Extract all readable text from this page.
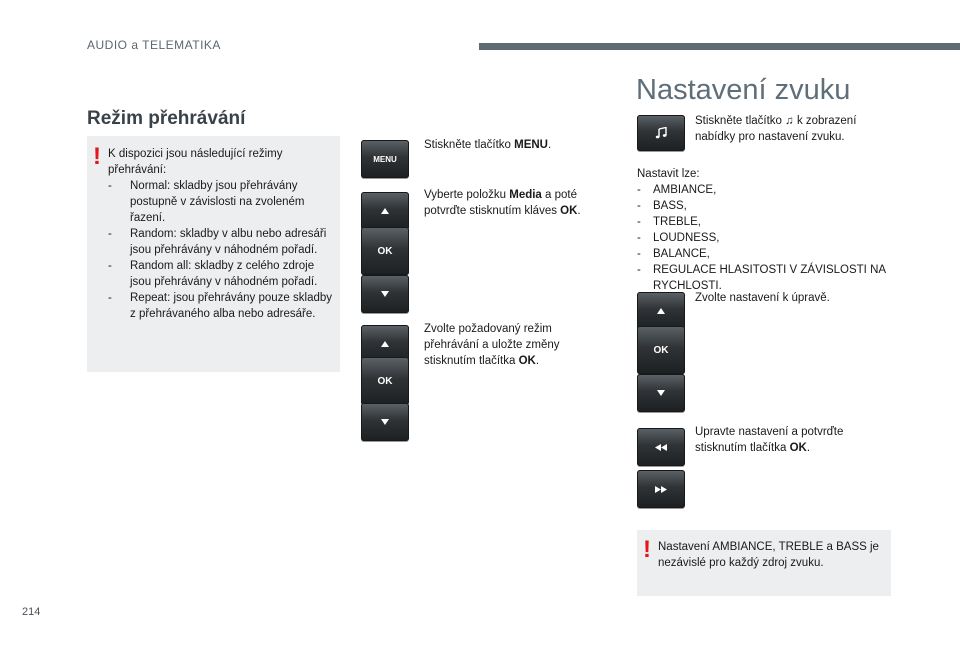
AUDIO a TELEMATIKA
Režim přehrávání
! K dispozici jsou následující režimy přehrávání:
- Normal: skladby jsou přehrávány postupně v závislosti na zvoleném řazení.
- Random: skladby v albu nebo adresáři jsou přehrávány v náhodném pořadí.
- Random all: skladby z celého zdroje jsou přehrávány v náhodném pořadí.
- Repeat: jsou přehrávány pouze skladby z přehrávaného alba nebo adresáře.
MENU
Stiskněte tlačítko MENU.
OK
Vyberte položku Media a poté potvrďte stisknutím kláves OK.
OK
Zvolte požadovaný režim přehrávání a uložte změny stisknutím tlačítka OK.
Nastavení zvuku
Stiskněte tlačítko ♫ k zobrazení nabídky pro nastavení zvuku.
Nastavit lze:
- AMBIANCE,
- BASS,
- TREBLE,
- LOUDNESS,
- BALANCE,
- REGULACE HLASITOSTI V ZÁVISLOSTI NA RYCHLOSTI.
Zvolte nastavení k úpravě.
OK
Upravte nastavení a potvrďte stisknutím tlačítka OK.
! Nastavení AMBIANCE, TREBLE a BASS je nezávislé pro každý zdroj zvuku.
214
